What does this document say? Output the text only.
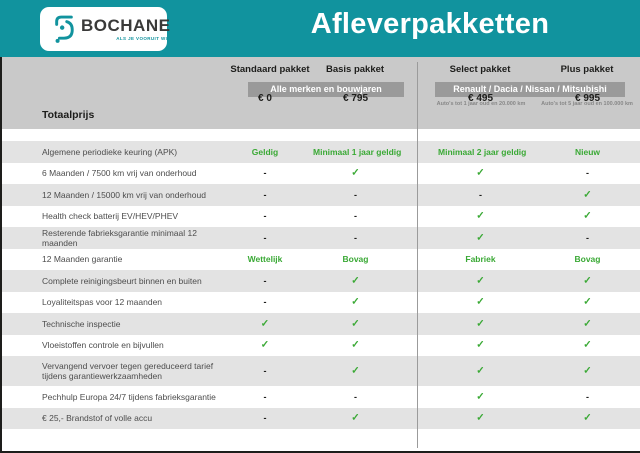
BOCHANE
ALS JE VOORUIT WIL	Afleverpakketten
Standaard pakket	Basis pakket	Select pakket	Plus pakket
Alle merken en bouwjaren	Renault / Dacia / Nissan / Mitsubishi
Auto's tot 1 jaar oud en 20.000 km	Auto's tot 5 jaar oud en 100.000 km
Totaalprijs
€ 0	€ 795	€ 495	€ 995
Algemene periodieke keuring (APK)	Geldig	Minimaal 1 jaar geldig	Minimaal 2 jaar geldig	Nieuw
6 Maanden / 7500 km vrij van onderhoud	-	✓	✓	-
12 Maanden / 15000 km vrij van onderhoud	-	-	-	✓
Health check batterij EV/HEV/PHEV	-	-	✓	✓
Resterende fabrieksgarantie minimaal 12 maanden	-	-	✓	-
12 Maanden garantie	Wettelijk	Bovag	Fabriek	Bovag
Complete reinigingsbeurt binnen en buiten	-	✓	✓	✓
Loyaliteitspas voor 12 maanden	-	✓	✓	✓
Technische inspectie	✓	✓	✓	✓
Vloeistoffen controle en bijvullen	✓	✓	✓	✓
Vervangend vervoer tegen gereduceerd tarief tijdens garantiewerkzaamheden	-	✓	✓	✓
Pechhulp Europa 24/7 tijdens fabrieksgarantie	-	-	✓	-
€ 25,- Brandstof of volle accu	-	✓	✓	✓
